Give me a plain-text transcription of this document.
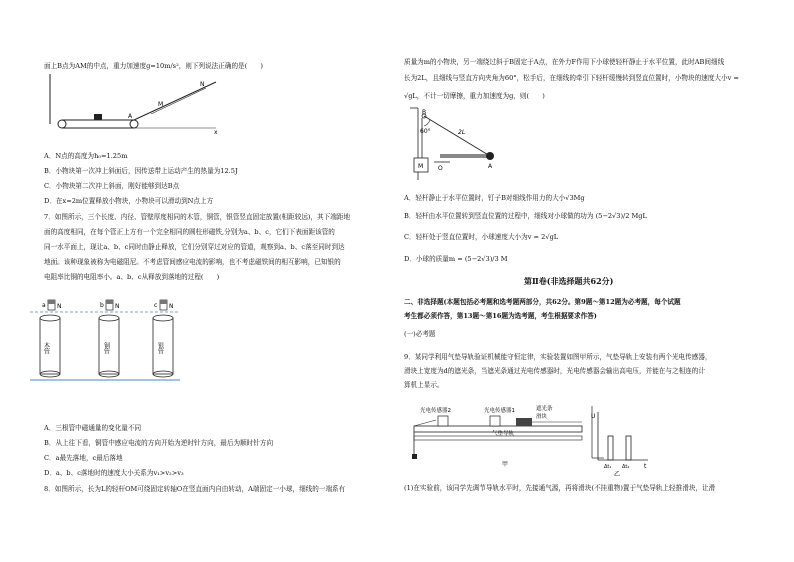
面上B点为AM的中点，重力加速度g=10m/s²，则下列说法正确的是(　　)
N
M
A
x
A．N点的高度为h₀=1.25m
B．小物块第一次冲上斜面后，因传送带上运动产生的热量为12.5J
C．小物块第二次冲上斜面，刚好能够到达B点
D．在x=2m位置释放小物块，小物块可以滑动到N点上方
7．如图所示，三个长度、内径、管壁厚度相同的木管，铜管，银管竖直固定放置(相距较远)，其下端距地
面的高度相同，在每个管正上方有一个完全相同的圆柱形磁铁,分别为a、b、c，它们下表面距该管的
同一水平面上，现让a、b、c同时由静止释放，它们分别穿过对应的管道，观察到a、b、c落至同时到达
地面。该种现象被称为电磁阻尼。不考虑管间感应电流的影响，也不考虑磁铁间的相互影响，已知银的
电阻率比铜的电阻率小。a、b、c从释放到落地的过程(　　)
a N	b N	c N
木管	铜管	银管
A．三根管中磁通量的变化量不同
B．从上往下看，铜管中感应电流的方向开始为逆时针方向，最后为顺时针方向
C．a最先落地，c最后落地
D．a、b、c落地时的速度大小关系为v₁>v₂>v₃
8．如图所示，长为L的轻杆OM可绕固定转轴O在竖直面内自由转动，A端固定一小球，细线的一端系有
质量为m的小物块，另一端绕过斜于B固定于A点，在外力F作用下小球使轻杆静止于水平位置，此时AB间细线
长为2L，且细线与竖直方向夹角为60°，松手后，在细线的牵引下轻杆缓慢转到竖直位置时，小物块的速度大小v =
√gL，不计一切摩擦，重力加速度为g，则(　　)
B
60°	2L
M O	A
A．轻杆静止于水平位置时，钉子B对细线作用力的大小√3Mg
B．轻杆由水平位置转到竖直位置的过程中，细线对小球做的功为 (5−2√3)/2 MgL
C．轻杆处于竖直位置时，小球速度大小为v = 2√gL
D．小球的质量m = (5−2√3)/3 M
第Ⅱ卷(非选择题共62分)
二、非选择题(本题包括必考题和选考题两部分，共62分。第9题～第12题为必考题，每个试题
考生都必须作答，第13题～第16题为选考题，考生根据要求作答)
(一)必考题
9．某同学利用气垫导轨验证机械能守恒定律，实验装置如图甲所示，气垫导轨上安装有两个光电传感器，
滑块上宽度为d的遮光条，当遮光条通过光电传感器时，光电传感器会输出高电压，并能在与之相连的计
算机上显示。
光电传感器2	光电传感器1	遮光条
滑块
气垫导轨
甲
U
t
Δt₁ Δt₂
乙
(1)在实验前，该同学先调节导轨水平时，先接通气源，再将滑块(不挂重物)置于气垫导轨上轻推滑块，让滑
